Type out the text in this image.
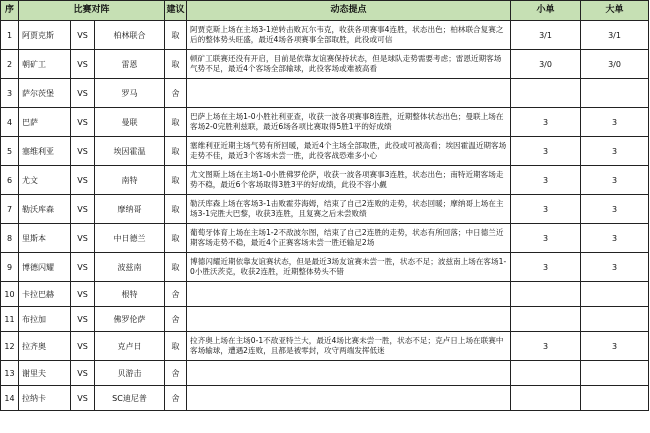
序	比赛对阵			建议	动态提点	小单	大单
1	阿贾克斯	VS	柏林联合	取	阿贾克斯上场在主场3-1逆转击败瓦尔韦克，收获各项赛事4连胜，状态出色；柏林联合复赛之后的整体势头旺盛，最近4场各项赛事全部取胜，此役或可信	3/1	3/1
2	朝矿工	VS	雷恩	取	顿矿工联赛还没有开启，目前是依靠友谊赛保持状态，但是球队走势需要考虑；雷恩近期客场气势不足，最近4个客场全部输球，此役客场或难被高看	3/0	3/0
3	萨尔茨堡	VS	罗马	舍			
4	巴萨	VS	曼联	取	巴萨上场在主场1-0小胜社利亚查，收获一波各项赛事8连胜，近期整体状态出色；曼联上场在客场2-0完胜利兹联，最近6场各项比赛取得5胜1平的好成绩	3	3
5	塞维利亚	VS	埃因霍温	取	塞维利亚近期主场气势有所回暖，最近4个主场全部取胜，此役或可被高看；埃因霍温近期客场走势不佳，最近3个客场未尝一胜，此役客战恐难多小心	3	3
6	尤文	VS	南特	取	尤文图斯上场在主场1-0小胜佛罗伦萨，收获一波各项赛事3连胜，状态出色；南特近期客场走势不稳，最近6个客场取得3胜3平的好成绩，此役不容小觑	3	3
7	勒沃库森	VS	摩纳哥	取	勒沃库森上场在客场3-1击败霍芬海姆，结束了自己2连败的走势，状态回暖；摩纳哥上场在主场3-1完胜大巴黎，收获3连胜，且复赛之后未尝败绩	3	3
8	里斯本	VS	中日德兰	取	葡萄牙体育上场在主场1-2不敌波尔图，结束了自己2连胜的走势，状态有所回落；中日德兰近期客场走势不稳，最近4个正赛客场未尝一胜还输足2场	3	3
9	博德闪耀	VS	波兹南	取	博德闪耀近期依靠友谊赛状态，但是最近3场友谊赛未尝一胜，状态不足；波兹南上场在客场1-0小胜沃茨克，收获2连胜，近期整体势头不错	3	3
10	卡拉巴赫	VS	根特	舍			
11	布拉加	VS	佛罗伦萨	舍			
12	拉齐奥	VS	克卢日	取	拉齐奥上场在主场0-1不敌亚特兰大，最近4场比赛未尝一胜，状态不足；克卢日上场在联赛中客场输球，遭遇2连败，且都是被零封，攻守两端发挥低迷	3	3
13	谢里夫	VS	贝游击	舍			
14	拉纳卡	VS	SC迪尼普	舍			
